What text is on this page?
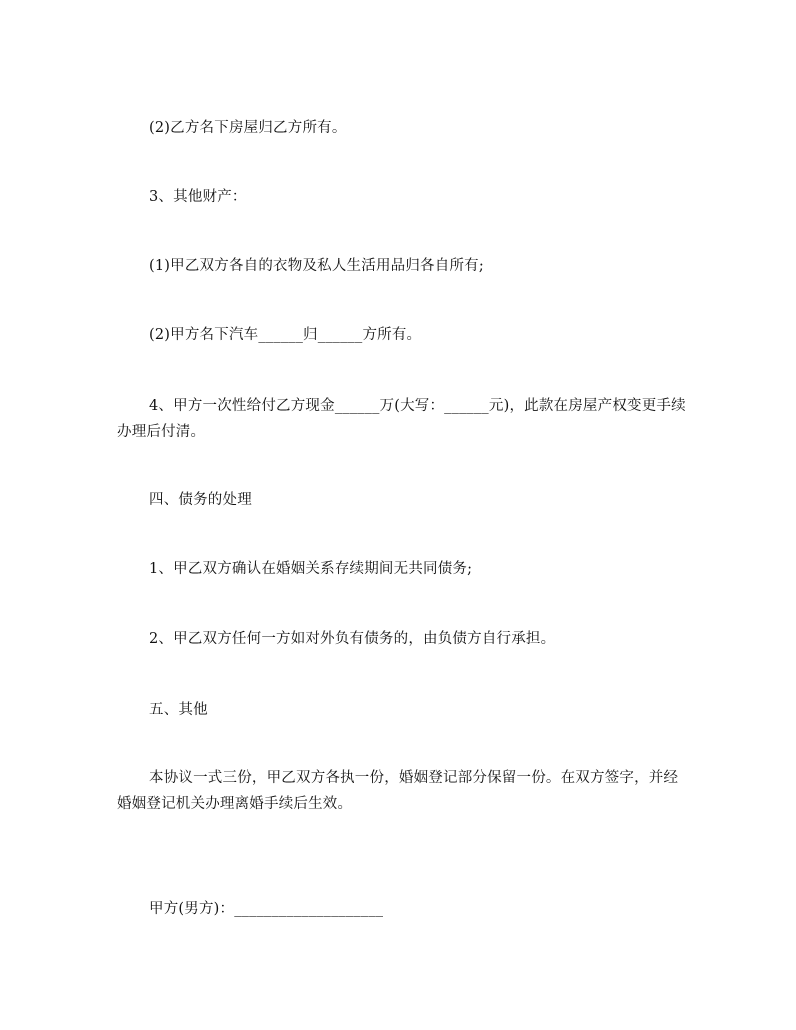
(2)乙方名下房屋归乙方所有。
3、其他财产：
(1)甲乙双方各自的衣物及私人生活用品归各自所有;
(2)甲方名下汽车______归______方所有。
4、甲方一次性给付乙方现金______万(大写：______元)，此款在房屋产权变更手续办理后付清。
四、债务的处理
1、甲乙双方确认在婚姻关系存续期间无共同债务;
2、甲乙双方任何一方如对外负有债务的，由负债方自行承担。
五、其他
本协议一式三份，甲乙双方各执一份，婚姻登记部分保留一份。在双方签字，并经婚姻登记机关办理离婚手续后生效。
甲方(男方)：____________________
